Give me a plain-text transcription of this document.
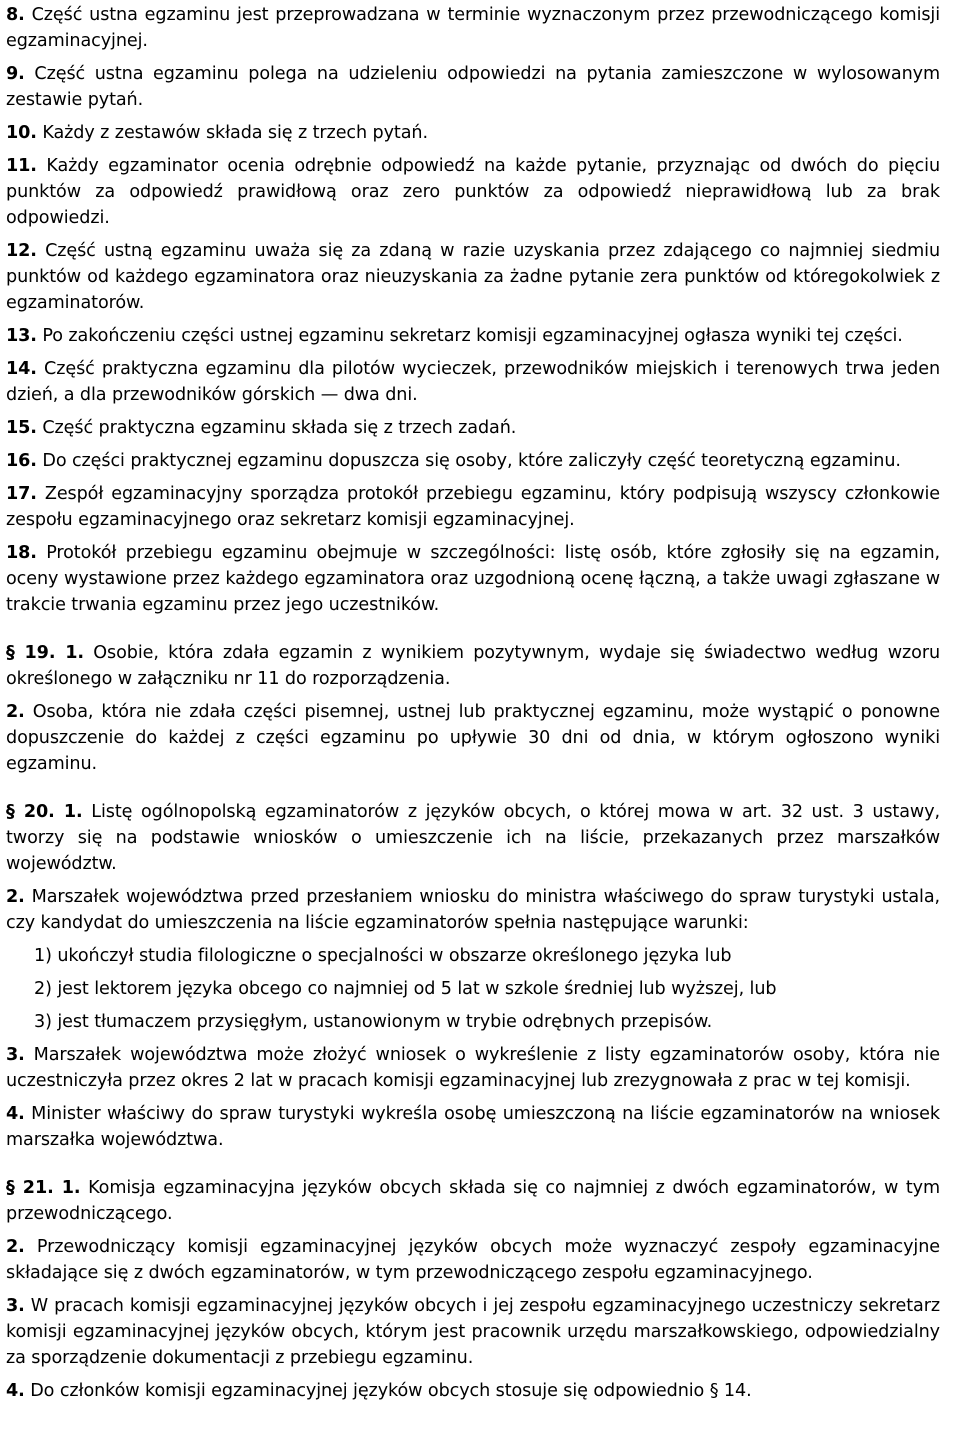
8. Część ustna egzaminu jest przeprowadzana w terminie wyznaczonym przez przewodniczącego komisji egzaminacyjnej.

9. Część ustna egzaminu polega na udzieleniu odpowiedzi na pytania zamieszczone w wylosowanym zestawie pytań.

10. Każdy z zestawów składa się z trzech pytań.

11. Każdy egzaminator ocenia odrębnie odpowiedź na każde pytanie, przyznając od dwóch do pięciu punktów za odpowiedź prawidłową oraz zero punktów za odpowiedź nieprawidłową lub za brak odpowiedzi.

12. Część ustną egzaminu uważa się za zdaną w razie uzyskania przez zdającego co najmniej siedmiu punktów od każdego egzaminatora oraz nieuzyskania za żadne pytanie zera punktów od któregokolwiek z egzaminatorów.

13. Po zakończeniu części ustnej egzaminu sekretarz komisji egzaminacyjnej ogłasza wyniki tej części.

14. Część praktyczna egzaminu dla pilotów wycieczek, przewodników miejskich i terenowych trwa jeden dzień, a dla przewodników górskich — dwa dni.

15. Część praktyczna egzaminu składa się z trzech zadań.

16. Do części praktycznej egzaminu dopuszcza się osoby, które zaliczyły część teoretyczną egzaminu.

17. Zespół egzaminacyjny sporządza protokół przebiegu egzaminu, który podpisują wszyscy członkowie zespołu egzaminacyjnego oraz sekretarz komisji egzaminacyjnej.

18. Protokół przebiegu egzaminu obejmuje w szczególności: listę osób, które zgłosiły się na egzamin, oceny wystawione przez każdego egzaminatora oraz uzgodnioną ocenę łączną, a także uwagi zgłaszane w trakcie trwania egzaminu przez jego uczestników.

§ 19. 1. Osobie, która zdała egzamin z wynikiem pozytywnym, wydaje się świadectwo według wzoru określonego w załączniku nr 11 do rozporządzenia.

2. Osoba, która nie zdała części pisemnej, ustnej lub praktycznej egzaminu, może wystąpić o ponowne dopuszczenie do każdej z części egzaminu po upływie 30 dni od dnia, w którym ogłoszono wyniki egzaminu.

§ 20. 1. Listę ogólnopolską egzaminatorów z języków obcych, o której mowa w art. 32 ust. 3 ustawy, tworzy się na podstawie wniosków o umieszczenie ich na liście, przekazanych przez marszałków województw.

2. Marszałek województwa przed przesłaniem wniosku do ministra właściwego do spraw turystyki ustala, czy kandydat do umieszczenia na liście egzaminatorów spełnia następujące warunki:

1) ukończył studia filologiczne o specjalności w obszarze określonego języka lub

2) jest lektorem języka obcego co najmniej od 5 lat w szkole średniej lub wyższej, lub

3) jest tłumaczem przysięgłym, ustanowionym w trybie odrębnych przepisów.

3. Marszałek województwa może złożyć wniosek o wykreślenie z listy egzaminatorów osoby, która nie uczestniczyła przez okres 2 lat w pracach komisji egzaminacyjnej lub zrezygnowała z prac w tej komisji.

4. Minister właściwy do spraw turystyki wykreśla osobę umieszczoną na liście egzaminatorów na wniosek marszałka województwa.

§ 21. 1. Komisja egzaminacyjna języków obcych składa się co najmniej z dwóch egzaminatorów, w tym przewodniczącego.

2. Przewodniczący komisji egzaminacyjnej języków obcych może wyznaczyć zespoły egzaminacyjne składające się z dwóch egzaminatorów, w tym przewodniczącego zespołu egzaminacyjnego.

3. W pracach komisji egzaminacyjnej języków obcych i jej zespołu egzaminacyjnego uczestniczy sekretarz komisji egzaminacyjnej języków obcych, którym jest pracownik urzędu marszałkowskiego, odpowiedzialny za sporządzenie dokumentacji z przebiegu egzaminu.

4. Do członków komisji egzaminacyjnej języków obcych stosuje się odpowiednio § 14.
